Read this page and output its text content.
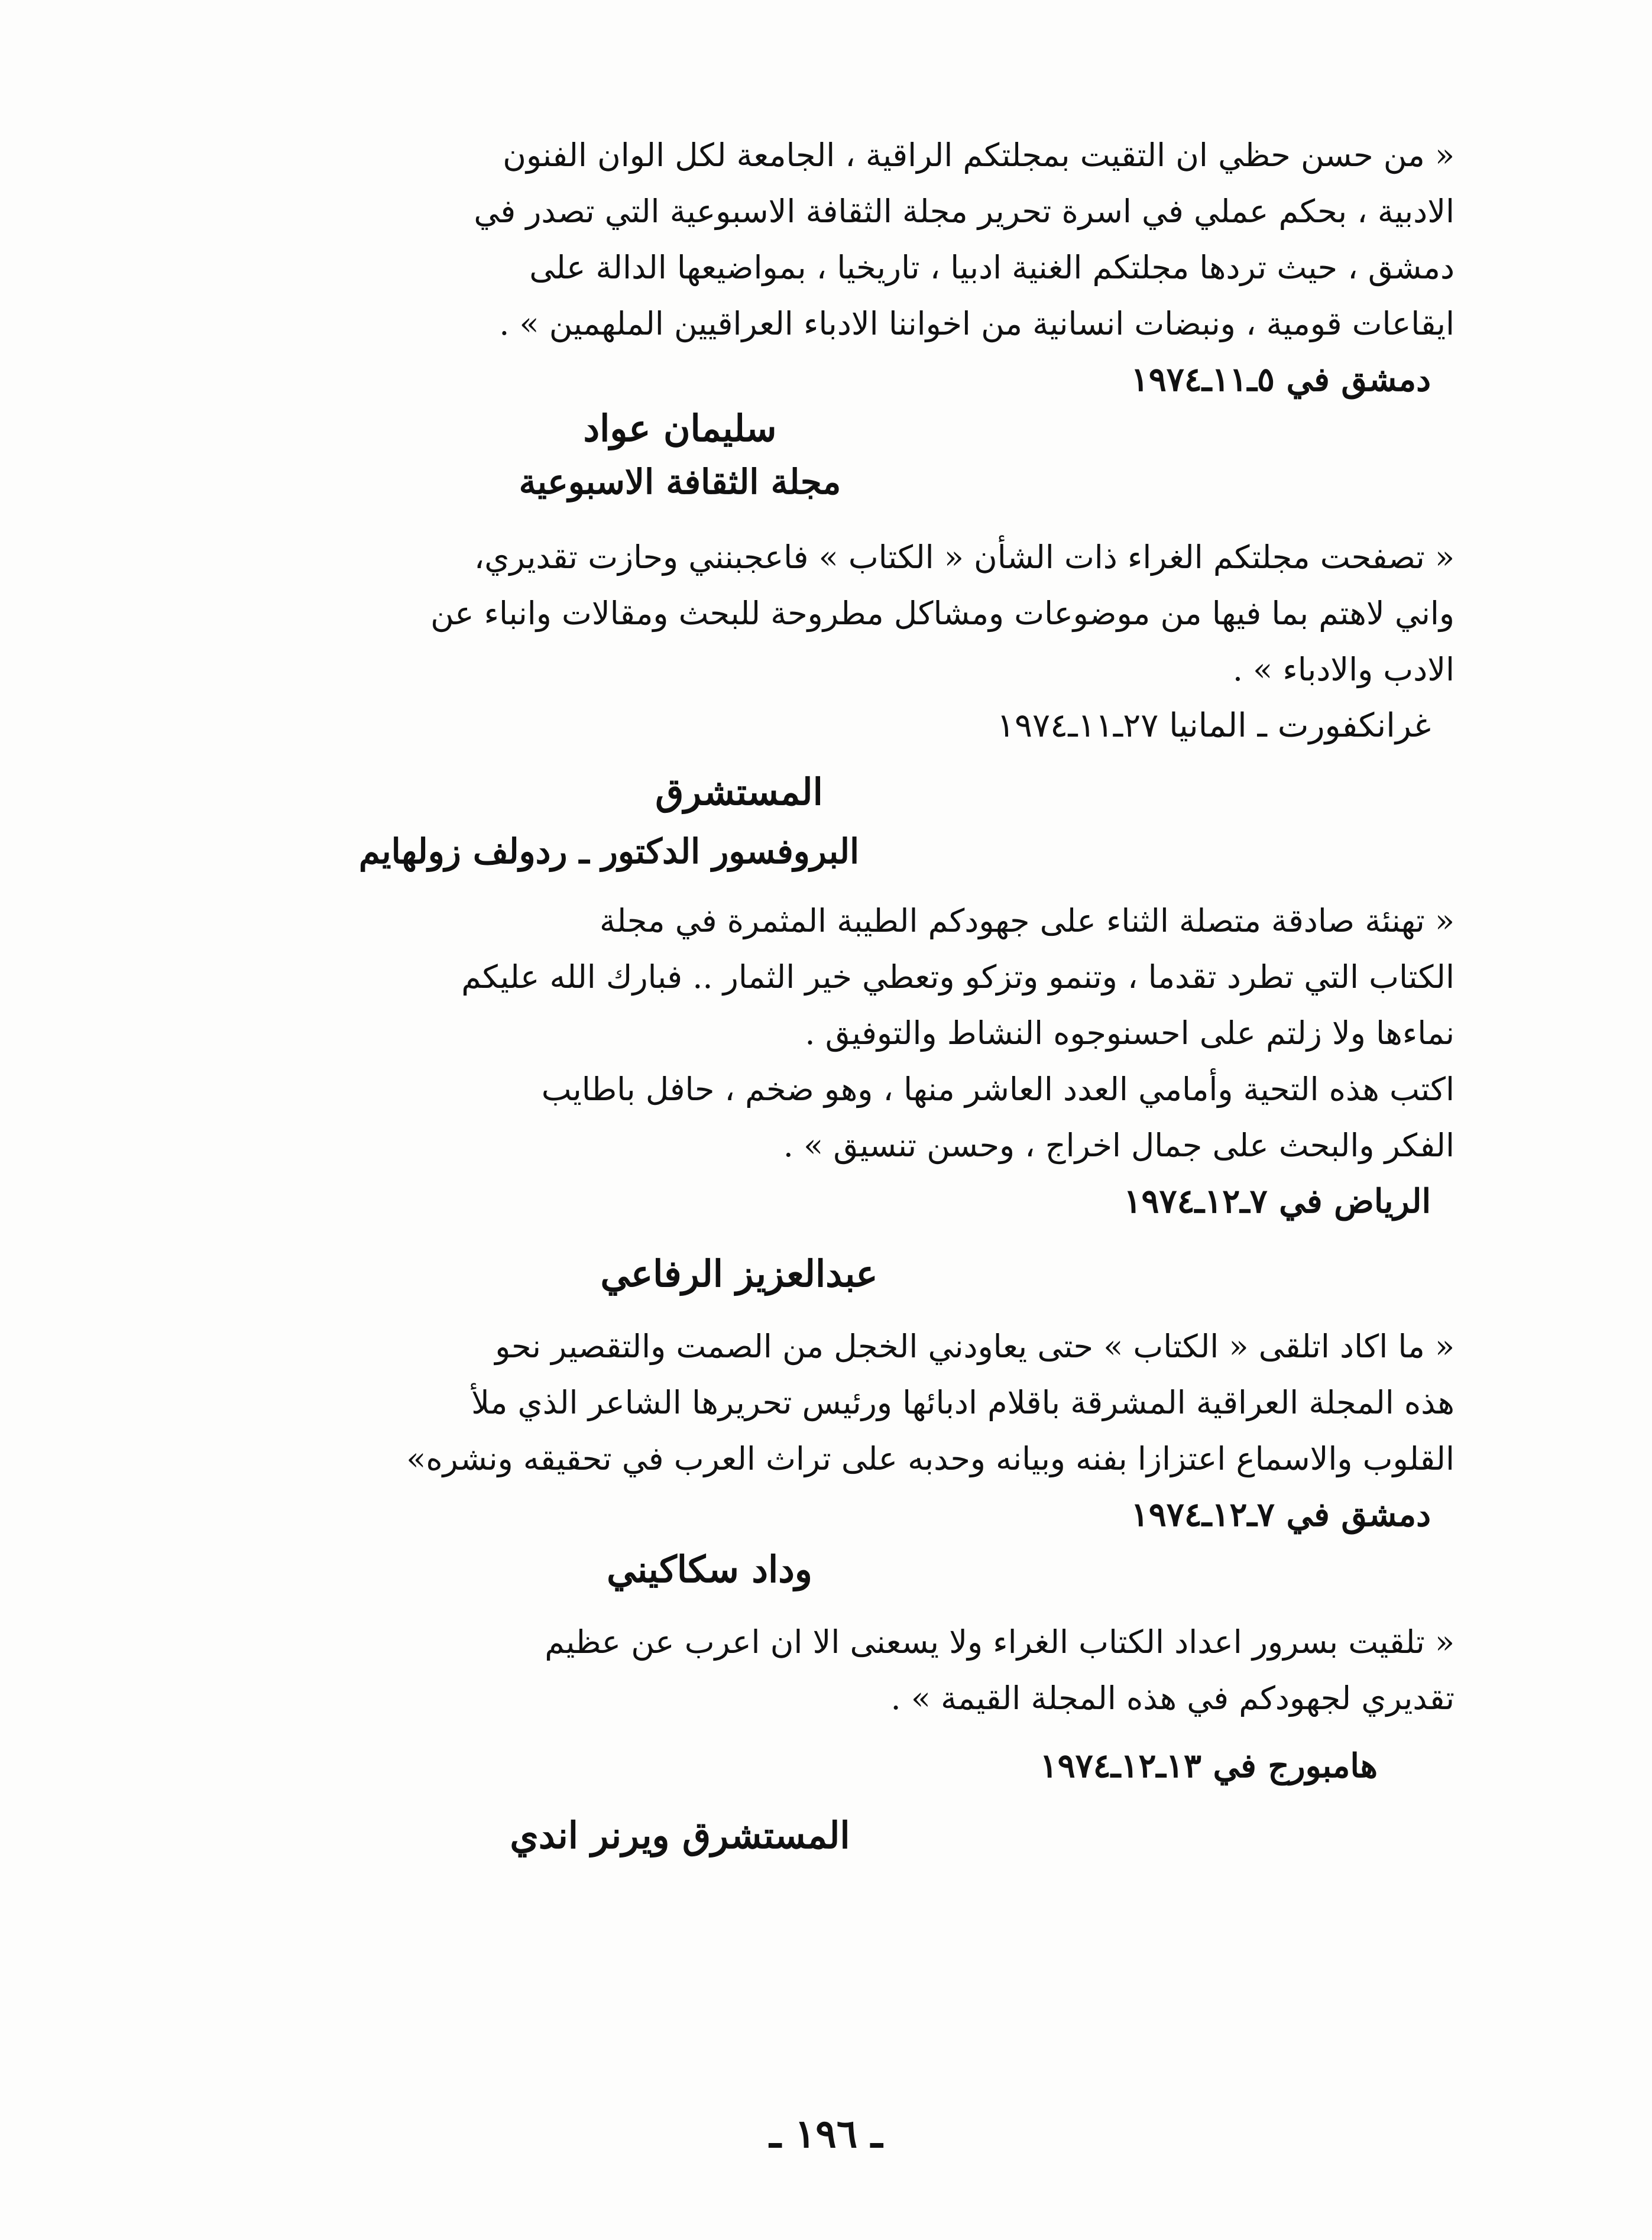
« من حسن حظي ان التقيت بمجلتكم الراقية ، الجامعة لكل الوان الفنون
الادبية ، بحكم عملي في اسرة تحرير مجلة الثقافة الاسبوعية التي تصدر في
دمشق ، حيث تردها مجلتكم الغنية ادبيا ، تاريخيا ، بمواضيعها الدالة على
ايقاعات قومية ، ونبضات انسانية من اخواننا الادباء العراقيين الملهمين » .
دمشق في ٥ـ١١ـ١٩٧٤
سليمان عواد
مجلة الثقافة الاسبوعية
« تصفحت مجلتكم الغراء ذات الشأن « الكتاب » فاعجبنني وحازت تقديري،
واني لاهتم بما فيها من موضوعات ومشاكل مطروحة للبحث ومقالات وانباء عن
الادب والادباء » .
غرانكفورت ـ المانيا ٢٧ـ١١ـ١٩٧٤
المستشرق
البروفسور الدكتور ـ ردولف زولهايم
« تهنئة صادقة متصلة الثناء على جهودكم الطيبة المثمرة في مجلة
الكتاب التي تطرد تقدما ، وتنمو وتزكو وتعطي خير الثمار .. فبارك الله عليكم
نماءها ولا زلتم على احسنوجوه النشاط والتوفيق .
اكتب هذه التحية وأمامي العدد العاشر منها ، وهو ضخم ، حافل باطايب
الفكر والبحث على جمال اخراج ، وحسن تنسيق » .
الرياض في ٧ـ١٢ـ١٩٧٤
عبدالعزيز الرفاعي
« ما اكاد اتلقى « الكتاب » حتى يعاودني الخجل من الصمت والتقصير نحو
هذه المجلة العراقية المشرقة باقلام ادبائها ورئيس تحريرها الشاعر الذي ملأ
القلوب والاسماع اعتزازا بفنه وبيانه وحدبه على تراث العرب في تحقيقه ونشره»
دمشق في ٧ـ١٢ـ١٩٧٤
وداد سكاكيني
« تلقيت بسرور اعداد الكتاب الغراء ولا يسعنى الا ان اعرب عن عظيم
تقديري لجهودكم في هذه المجلة القيمة » .
هامبورج في ١٣ـ١٢ـ١٩٧٤
المستشرق ويرنر اندي
ـ ١٩٦ ـ
